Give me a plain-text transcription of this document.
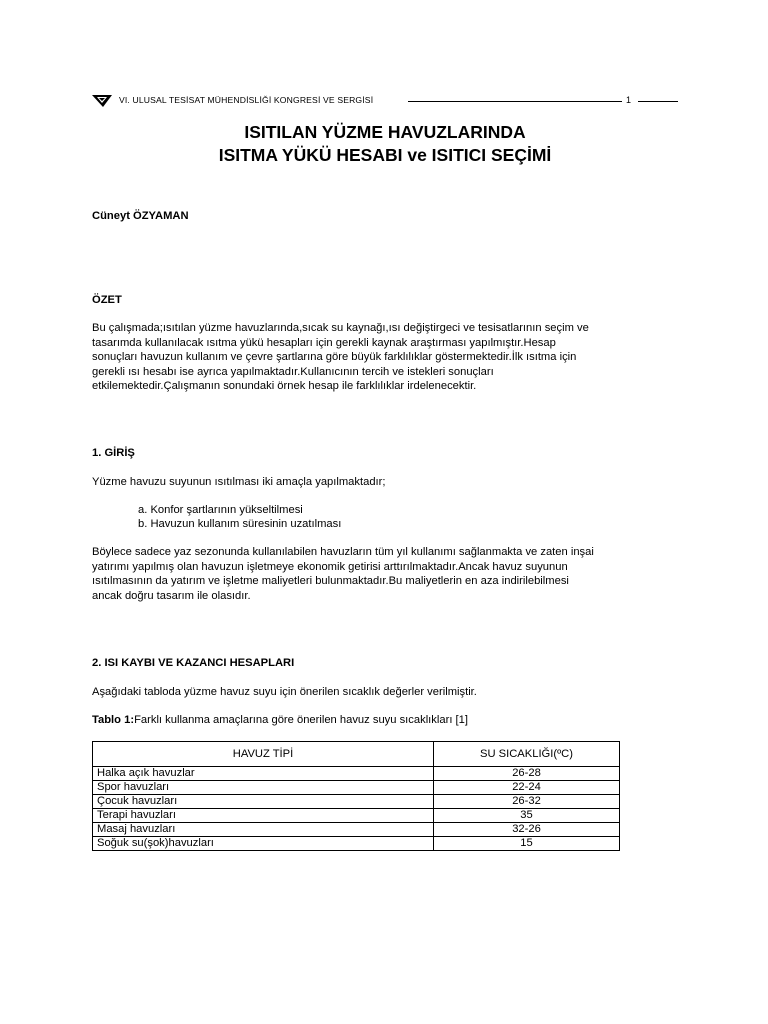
VI. ULUSAL TESİSAT MÜHENDİSLİĞİ KONGRESİ VE SERGİSİ	1
ISITILAN YÜZME HAVUZLARINDA
ISITMA YÜKÜ HESABI ve ISITICI SEÇİMİ
Cüneyt ÖZYAMAN
ÖZET
Bu çalışmada;ısıtılan yüzme havuzlarında,sıcak su kaynağı,ısı değiştirgeci ve tesisatlarının seçim ve
tasarımda kullanılacak ısıtma yükü hesapları için gerekli kaynak araştırması yapılmıştır.Hesap
sonuçları havuzun kullanım ve çevre şartlarına göre büyük farklılıklar göstermektedir.İlk ısıtma için
gerekli ısı hesabı ise ayrıca yapılmaktadır.Kullanıcının tercih ve istekleri sonuçları
etkilemektedir.Çalışmanın sonundaki örnek hesap ile farklılıklar irdelenecektir.
1. GİRİŞ
Yüzme havuzu suyunun ısıtılması iki amaçla yapılmaktadır;
a. Konfor şartlarının yükseltilmesi
b. Havuzun kullanım süresinin uzatılması
Böylece sadece yaz sezonunda kullanılabilen havuzların tüm yıl kullanımı sağlanmakta ve zaten inşai
yatırımı yapılmış olan havuzun işletmeye ekonomik getirisi arttırılmaktadır.Ancak havuz suyunun
ısıtılmasının da yatırım ve işletme maliyetleri bulunmaktadır.Bu maliyetlerin en aza indirilebilmesi
ancak doğru tasarım ile olasıdır.
2. ISI KAYBI VE KAZANCI HESAPLARI
Aşağıdaki tabloda yüzme havuz suyu için önerilen sıcaklık değerler verilmiştir.
Tablo 1:Farklı kullanma amaçlarına göre önerilen havuz suyu sıcaklıkları [1]
HAVUZ TİPİ	SU SICAKLIĞI(ºC)
Halka açık havuzlar	26-28
Spor havuzları	22-24
Çocuk havuzları	26-32
Terapi havuzları	35
Masaj havuzları	32-26
Soğuk su(şok)havuzları	15
